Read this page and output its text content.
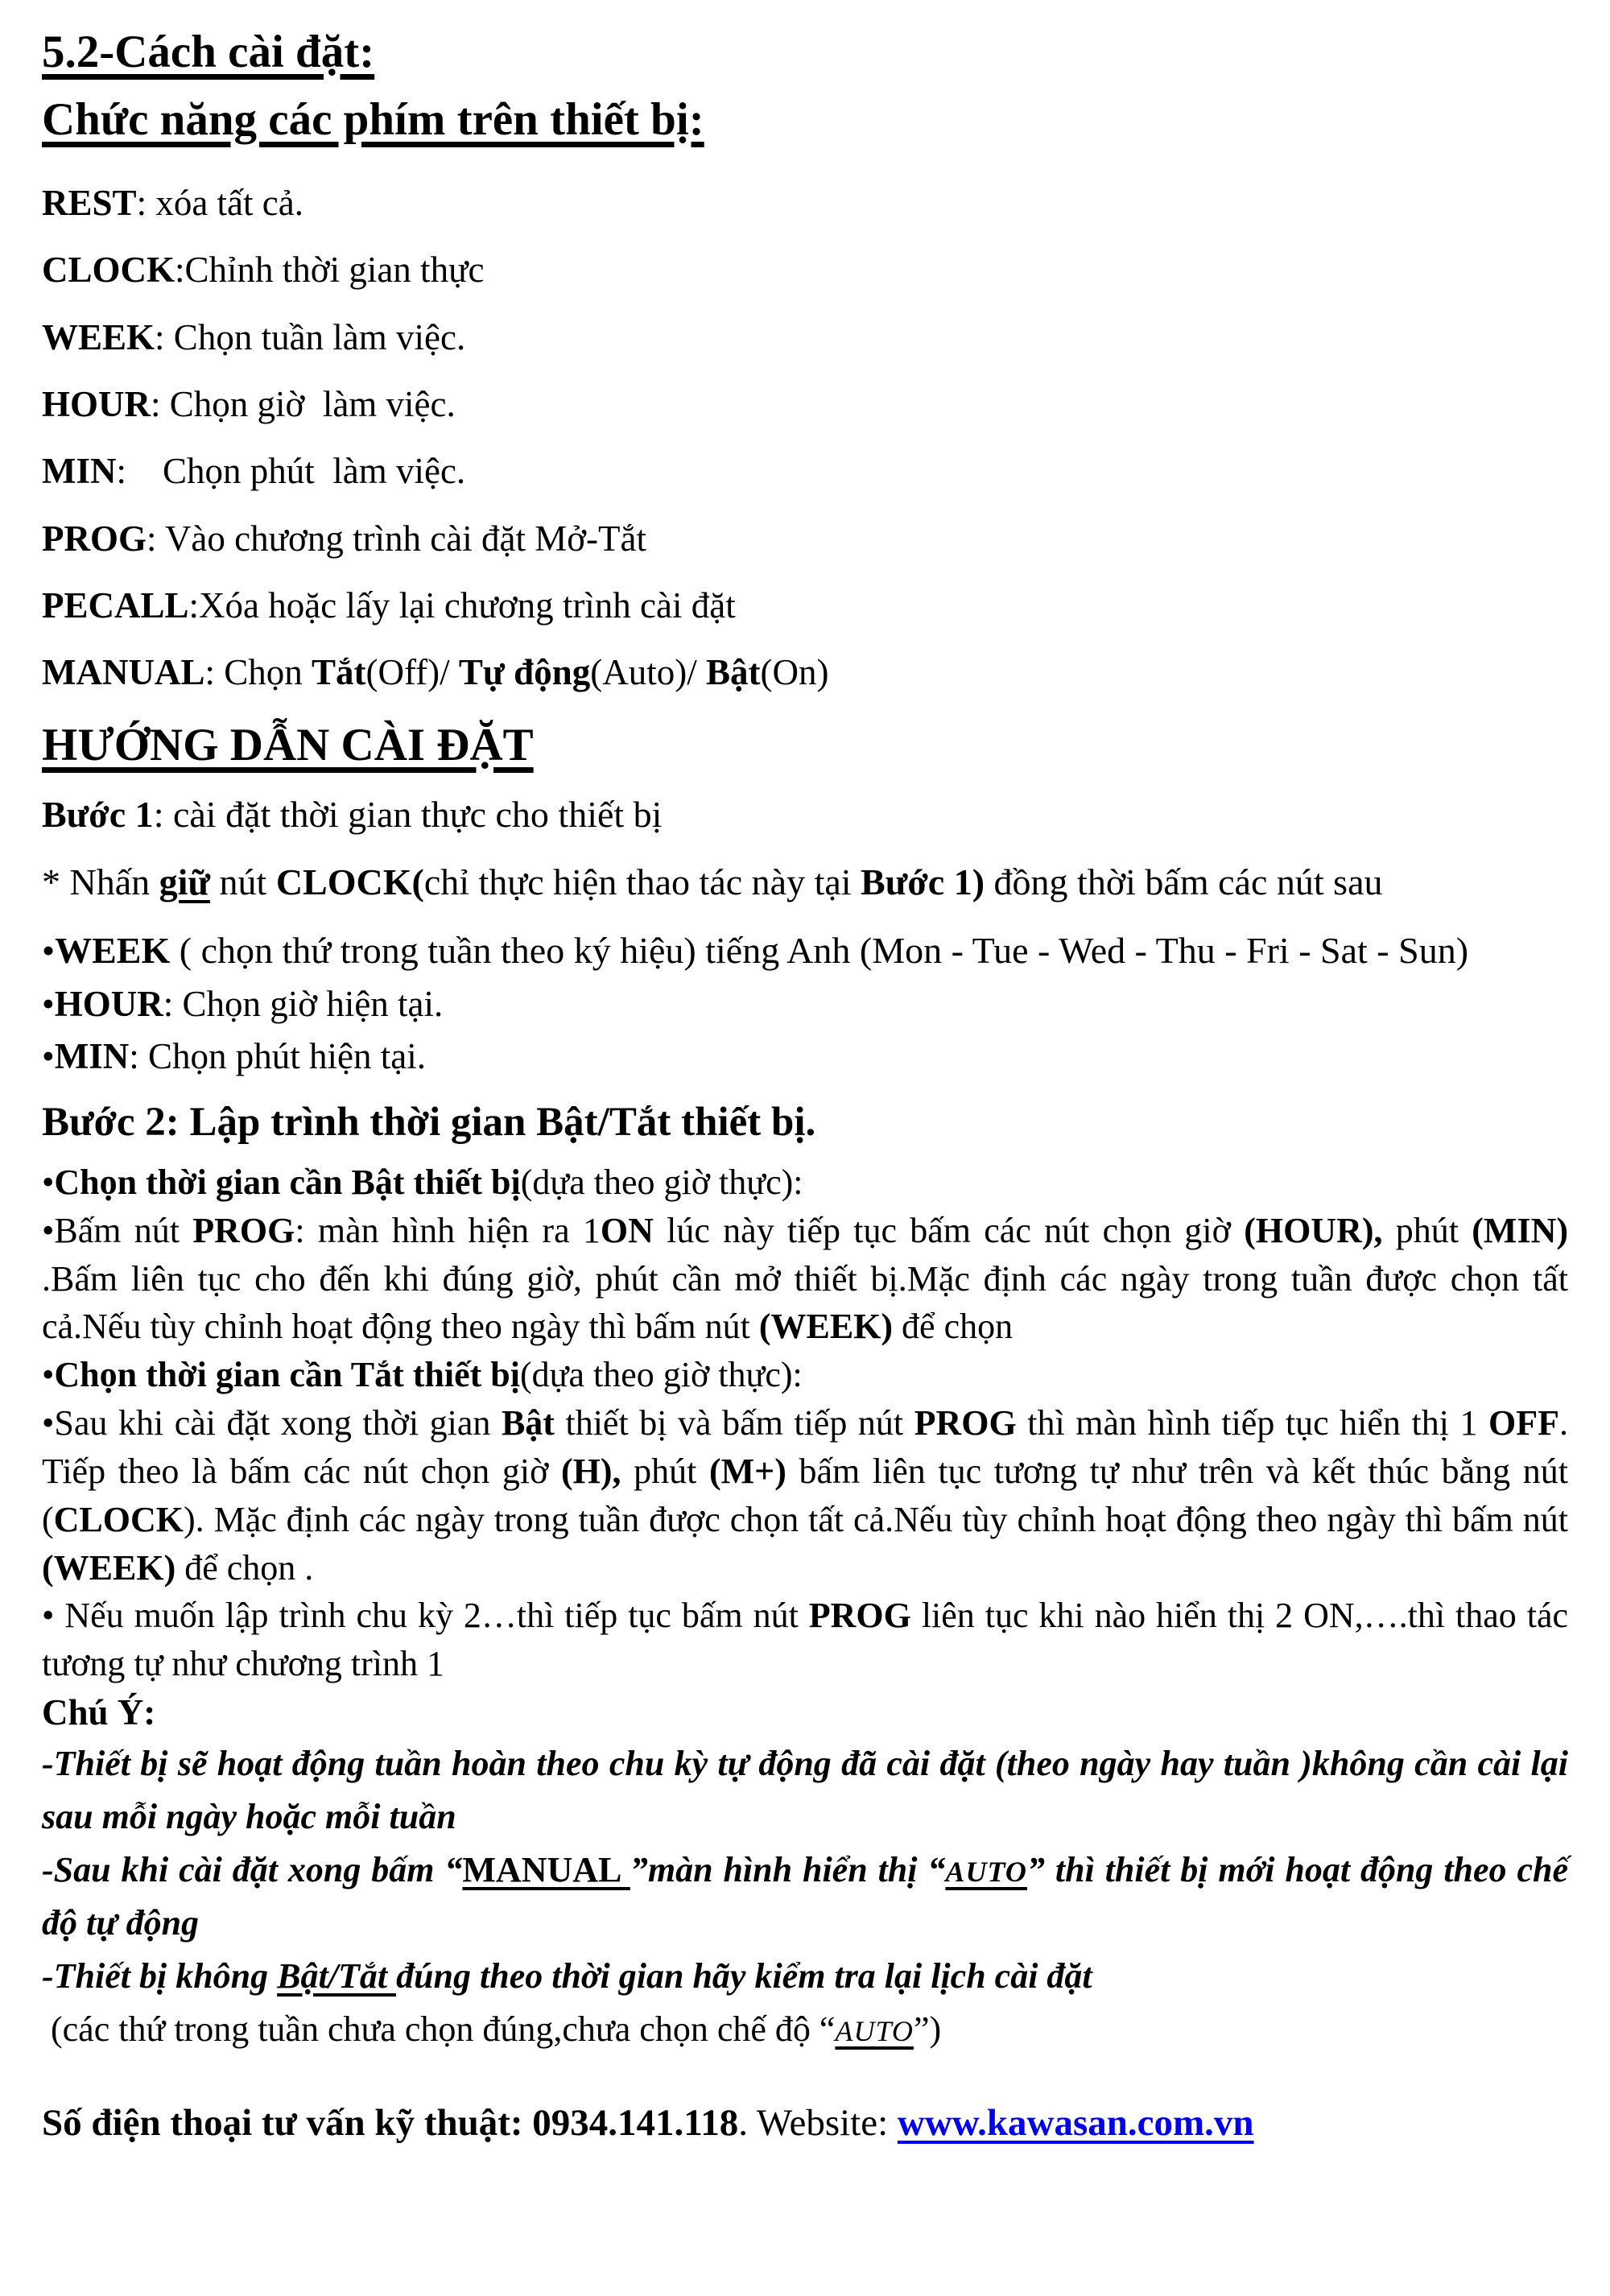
5.2-Cách cài đặt:

Chức năng các phím trên thiết bị:

REST: xóa tất cả.

CLOCK:Chỉnh thời gian thực

WEEK: Chọn tuần làm việc.

HOUR: Chọn giờ  làm việc.

MIN:    Chọn phút  làm việc.

PROG: Vào chương trình cài đặt Mở-Tắt

PECALL:Xóa hoặc lấy lại chương trình cài đặt

MANUAL: Chọn Tắt(Off)/ Tự động(Auto)/ Bật(On)

HƯỚNG DẪN CÀI ĐẶT

Bước 1: cài đặt thời gian thực cho thiết bị

* Nhấn giữ nút CLOCK(chỉ thực hiện thao tác này tại Bước 1) đồng thời bấm các nút sau

•WEEK ( chọn thứ trong tuần theo ký hiệu) tiếng Anh (Mon - Tue - Wed - Thu - Fri - Sat - Sun)

•HOUR: Chọn giờ hiện tại.

•MIN: Chọn phút hiện tại.

Bước 2: Lập trình thời gian Bật/Tắt thiết bị.

•Chọn thời gian cần Bật thiết bị(dựa theo giờ thực):

•Bấm nút PROG: màn hình hiện ra 1ON lúc này tiếp tục bấm các nút chọn giờ (HOUR), phút (MIN) .Bấm liên tục cho đến khi đúng giờ, phút cần mở thiết bị.Mặc định các ngày trong tuần được chọn tất cả.Nếu tùy chỉnh hoạt động theo ngày thì bấm nút (WEEK) để chọn

•Chọn thời gian cần Tắt thiết bị(dựa theo giờ thực):

•Sau khi cài đặt xong thời gian Bật thiết bị và bấm tiếp nút PROG thì màn hình tiếp tục hiển thị 1 OFF. Tiếp theo là bấm các nút chọn giờ (H), phút (M+) bấm liên tục tương tự như trên và kết thúc bằng nút (CLOCK). Mặc định các ngày trong tuần được chọn tất cả.Nếu tùy chỉnh hoạt động theo ngày thì bấm nút (WEEK) để chọn .

• Nếu muốn lập trình chu kỳ 2…thì tiếp tục bấm nút PROG liên tục khi nào hiển thị 2 ON,….thì thao tác tương tự như chương trình 1

Chú Ý:

-Thiết bị sẽ hoạt động tuần hoàn theo chu kỳ tự động đã cài đặt (theo ngày hay tuần )không cần cài lại sau mỗi ngày hoặc mỗi tuần

-Sau khi cài đặt xong bấm “MANUAL ”màn hình hiển thị “AUTO” thì thiết bị mới hoạt động theo chế độ tự động

-Thiết bị không Bật/Tắt đúng theo thời gian hãy kiểm tra lại lịch cài đặt

(các thứ trong tuần chưa chọn đúng,chưa chọn chế độ “AUTO”)

Số điện thoại tư vấn kỹ thuật: 0934.141.118. Website: www.kawasan.com.vn
